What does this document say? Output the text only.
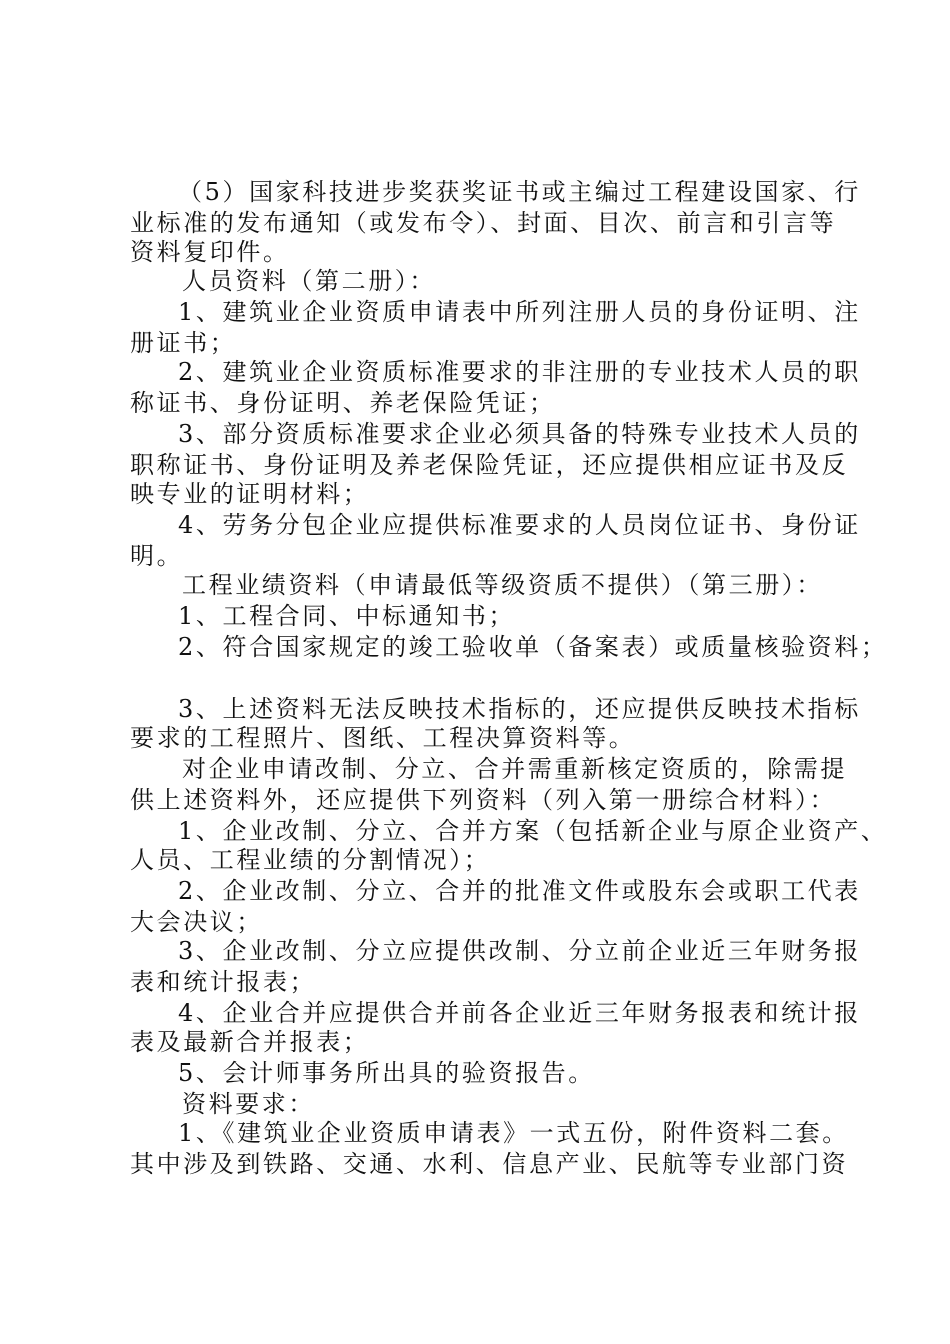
（5）国家科技进步奖获奖证书或主编过工程建设国家、行
业标准的发布通知（或发布令）、封面、目次、前言和引言等
资料复印件。
人员资料（第二册）：
1、建筑业企业资质申请表中所列注册人员的身份证明、注
册证书；
2、建筑业企业资质标准要求的非注册的专业技术人员的职
称证书、身份证明、养老保险凭证；
3、部分资质标准要求企业必须具备的特殊专业技术人员的
职称证书、身份证明及养老保险凭证，还应提供相应证书及反
映专业的证明材料；
4、劳务分包企业应提供标准要求的人员岗位证书、身份证
明。
工程业绩资料（申请最低等级资质不提供）（第三册）：
1、工程合同、中标通知书；
2、符合国家规定的竣工验收单（备案表）或质量核验资料；
3、上述资料无法反映技术指标的，还应提供反映技术指标
要求的工程照片、图纸、工程决算资料等。
对企业申请改制、分立、合并需重新核定资质的，除需提
供上述资料外，还应提供下列资料（列入第一册综合材料）：
1、企业改制、分立、合并方案（包括新企业与原企业资产、
人员、工程业绩的分割情况）；
2、企业改制、分立、合并的批准文件或股东会或职工代表
大会决议；
3、企业改制、分立应提供改制、分立前企业近三年财务报
表和统计报表；
4、企业合并应提供合并前各企业近三年财务报表和统计报
表及最新合并报表；
5、会计师事务所出具的验资报告。
资料要求：
1、《建筑业企业资质申请表》一式五份，附件资料二套。
其中涉及到铁路、交通、水利、信息产业、民航等专业部门资
